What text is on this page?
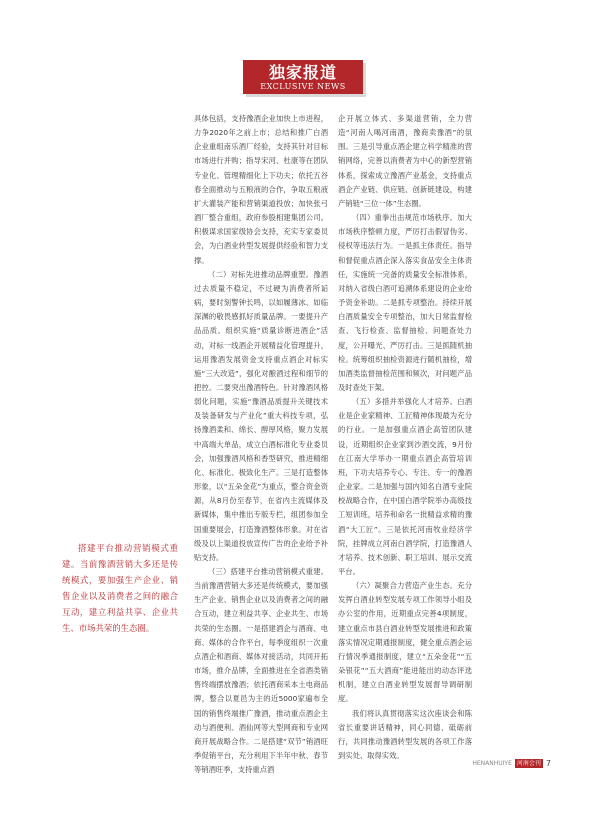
独家报道
EXCLUSIVE NEWS
搭建平台推动营销模式重建。当前豫酒营销大多还是传统模式，要加强生产企业、销售企业以及消费者之间的融合互动，建立利益共享、企业共生、市场共荣的生态圈。

具体包括，支持豫酒企业加快上市进程，力争2020年之前上市；总结和推广白酒企业重组南乐酒厂经验，支持其针对目标市场进行并购；指导宋河、杜康等在团队专业化、管理精细化上下功夫；依托五谷春全面推动与五粮液的合作，争取五粮液扩大灌装产能和营销渠道投放；加快张弓酒厂整合重组，政府参股相建集团公司。积极谋求国家级协会支持，充实专家委员会，为白酒业转型发展提供经验和智力支撑。

（二）对标先进推动品牌重塑。豫酒过去质量不稳定，不过硬为消费者所诟病，要时刻警钟长鸣，以如履薄冰、如临深渊的敬畏感抓好质量品牌。一要提升产品品质。组织实施“质量诊断进酒企”活动，对标一线酒企开展精益化管理提升，运用豫酒发展资金支持重点酒企对标实施“三大改造”，强化对酿酒过程和细节的把控。二要突出豫酒特色。针对豫酒风格弱化问题，实施“豫酒品质提升关键技术及装备研发与产业化”重大科技专项，弘扬豫酒柔和、绵长、醇厚风格，聚力发展中高端大单品，成立白酒标准化专业委员会，加强豫酒风格和香型研究，推进精细化、标准化、极致化生产。三是打造整体形象，以“五朵金花”为重点，整合资金资源，从8月份至春节，在省内主流媒体及新媒体，集中推出专版专栏，组团参加全国重要展会，打造豫酒整体形象。对在省级及以上渠道投放宣传广告的企业给予补贴支持。

（三）搭建平台推动营销模式重建。当前豫酒营销大多还是传统模式，要加强生产企业、销售企业以及消费者之间的融合互动，建立利益共享、企业共生、市场共荣的生态圈。一是搭建酒企与酒商、电商、媒体的合作平台，每季度组织一次重点酒企和酒商、媒体对接活动，共同开拓市场，推介品牌，全面推进在全省酒类销售终端摆放豫酒；依托酒商采本土电商品牌，整合以夏邑为主的近5000家遍布全国的销售终端推广豫酒，推动重点酒企主动与酒便利、酒仙网等大型网商和专业网商开展战略合作。二是搭建“双节”销酒旺季促销平台，充分利用下半年中秋、春节等销酒旺季，支持重点酒

企开展立体式、多渠道营销，全力营造“河南人喝河南酒，豫商卖豫酒”的氛围。三是引导重点酒企建立科学精准的营销网络，完善以消费者为中心的新型营销体系，探索成立豫酒产业基金，支持重点酒企产业链、供应链、创新链建设，构建产销链“三位一体”生态圈。

（四）重拳出击规范市场秩序。加大市场秩序整顿力度，严厉打击假冒伪劣、侵权等违法行为。一是抓主体责任。指导和督促重点酒企深入落实食品安全主体责任，实施统一完备的质量安全标准体系，对纳入省级白酒可追溯体系建设的企业给予资金补助。二是抓专项整治。持续开展白酒质量安全专项整治，加大日常监督检查、飞行检查、监督抽检、问题查处力度，公开曝光、严厉打击。三是抓随机抽检。统筹组织抽检资源进行随机抽检，增加酒类监督抽检范围和频次，对问题产品及时查处下架。

（五）多措并举强化人才培养。白酒业是企业家精神、工匠精神体现最为充分的行业。一是加强重点酒企高管团队建设，近期组织企业家到沙酒交流，9月份在江南大学举办一期重点酒企高管培训班，下功夫培养专心、专注、专一的豫酒企业家。二是加强与国内知名白酒专业院校战略合作，在中国白酒学院举办高级技工短训班，培养和命名一批精益求精的豫酒“大工匠”。三是依托河南牧业经济学院，挂牌成立河南白酒学院，打造豫酒人才培养、技术创新、职工培训、展示交流平台。

（六）凝聚合力营造产业生态。充分发挥白酒业转型发展专项工作领导小组及办公室的作用，近期重点完善4项制度，建立重点市县白酒业转型发展推进和政策落实情况定期通报制度，健全重点酒企运行情况季通报制度，建立“五朵金花”“五朵银花”“五大酒商”能进能出的动态评选机制，建立白酒业转型发展督导调研制度。

我们将认真贯彻落实这次座谈会和陈省长重要讲话精神，同心同德、砥砺前行，共同推动豫酒转型发展的各项工作落到实处、取得实效。

HENANHUIYE 河南会刊 7
